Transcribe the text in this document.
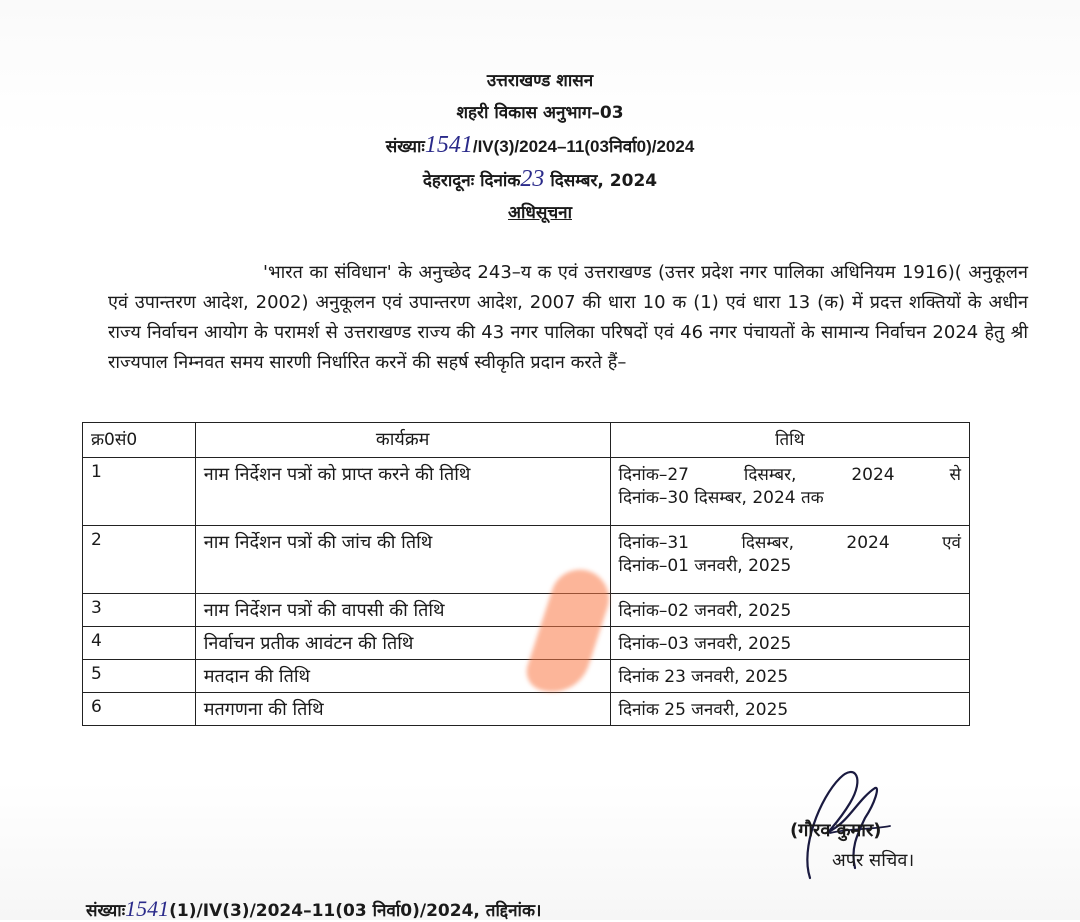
उत्तराखण्ड शासन
शहरी विकास अनुभाग–03
संख्याः1541/IV(3)/2024–11(03निर्वा0)/2024
देहरादूनः दिनांक23 दिसम्बर, 2024
अधिसूचना
'भारत का संविधान' के अनुच्छेद 243–य क एवं उत्तराखण्ड (उत्तर प्रदेश नगर पालिका अधिनियम 1916)( अनुकूलन एवं उपान्तरण आदेश, 2002) अनुकूलन एवं उपान्तरण आदेश, 2007 की धारा 10 क (1) एवं धारा 13 (क) में प्रदत्त शक्तियों के अधीन राज्य निर्वाचन आयोग के परामर्श से उत्तराखण्ड राज्य की 43 नगर पालिका परिषदों एवं 46 नगर पंचायतों के सामान्य निर्वाचन 2024 हेतु श्री राज्यपाल निम्नवत समय सारणी निर्धारित करनें की सहर्ष स्वीकृति प्रदान करते हैं–
क्र0सं0	कार्यक्रम	तिथि
1	नाम निर्देशन पत्रों को प्राप्त करने की तिथि	दिनांक–27 दिसम्बर, 2024 से
दिनांक–30 दिसम्बर, 2024 तक

2	नाम निर्देशन पत्रों की जांच की तिथि	दिनांक–31 दिसम्बर, 2024 एवं
दिनांक–01 जनवरी, 2025

3	नाम निर्देशन पत्रों की वापसी की तिथि	दिनांक–02 जनवरी, 2025
4	निर्वाचन प्रतीक आवंटन की तिथि	दिनांक–03 जनवरी, 2025
5	मतदान की तिथि	दिनांक 23 जनवरी, 2025
6	मतगणना की तिथि	दिनांक 25 जनवरी, 2025
(गौरव कुमार)
अपर सचिव।
संख्याः1541(1)/IV(3)/2024–11(03 निर्वा0)/2024, तद्दिनांक।
